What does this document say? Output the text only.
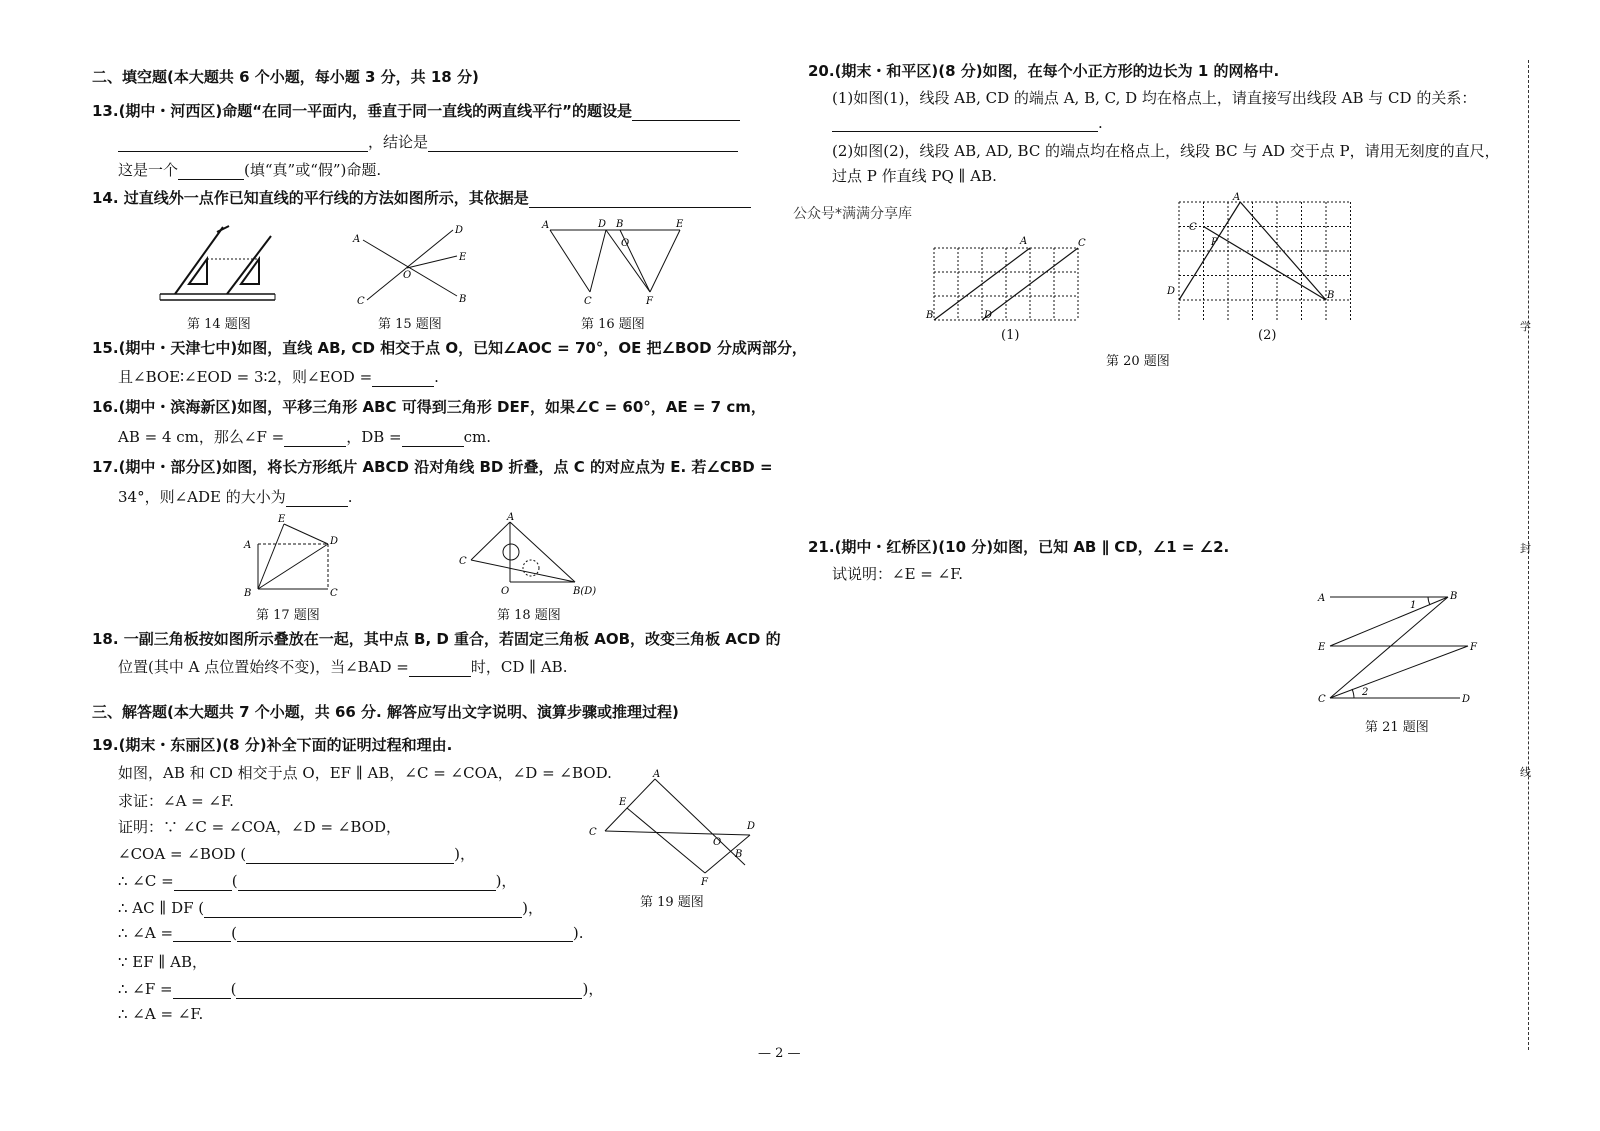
二、填空题(本大题共 6 个小题，每小题 3 分，共 18 分)
13.(期中・河西区)命题“在同一平面内，垂直于同一直线的两直线平行”的题设是
，结论是
这是一个	(填“真”或“假”)命题.
14. 过直线外一点作已知直线的平行线的方法如图所示，其依据是
第 14 题图
A
D
E
O
C	B
第 15 题图
A	D B	E
O
C	F
第 16 题图
15.(期中・天津七中)如图，直线 AB, CD 相交于点 O，已知∠AOC = 70°，OE 把∠BOD 分成两部分，
且∠BOE∶∠EOD = 3∶2，则∠EOD =	.
16.(期中・滨海新区)如图，平移三角形 ABC 可得到三角形 DEF，如果∠C = 60°，AE = 7 cm，
AB = 4 cm，那么∠F =	，DB =	cm.
17.(期中・部分区)如图，将长方形纸片 ABCD 沿对角线 BD 折叠，点 C 的对应点为 E. 若∠CBD =
34°，则∠ADE 的大小为	.
E
A	D
B	C
第 17 题图
A
C
O	B(D)
第 18 题图
18. 一副三角板按如图所示叠放在一起，其中点 B, D 重合，若固定三角板 AOB，改变三角板 ACD 的
位置(其中 A 点位置始终不变)，当∠BAD =	时，CD ∥ AB.
三、解答题(本大题共 7 个小题，共 66 分. 解答应写出文字说明、演算步骤或推理过程)
19.(期末・东丽区)(8 分)补全下面的证明过程和理由.
如图，AB 和 CD 相交于点 O，EF ∥ AB，∠C = ∠COA，∠D = ∠BOD.
求证：∠A = ∠F.
证明：∵ ∠C = ∠COA，∠D = ∠BOD，
∠COA = ∠BOD (	)，
∴ ∠C =	(	)，
∴ AC ∥ DF (	)，
∴ ∠A =	(	).
∵ EF ∥ AB，
∴ ∠F =	(	)，
∴ ∠A = ∠F.
A
E
C
D
O
B
F
第 19 题图
20.(期末・和平区)(8 分)如图，在每个小正方形的边长为 1 的网格中.
(1)如图(1)，线段 AB, CD 的端点 A, B, C, D 均在格点上，请直接写出线段 AB 与 CD 的关系：
.
(2)如图(2)，线段 AB, AD, BC 的端点均在格点上，线段 BC 与 AD 交于点 P，请用无刻度的直尺，
过点 P 作直线 PQ ∥ AB.
公众号*满满分享库
A	C
B	D
(1)
A
C
P
D	B
(2)
第 20 题图
21.(期中・红桥区)(10 分)如图，已知 AB ∥ CD，∠1 = ∠2.
试说明：∠E = ∠F.
A
1
B
E	F
C
2
D
第 21 题图
学
封
线
— 2 —
